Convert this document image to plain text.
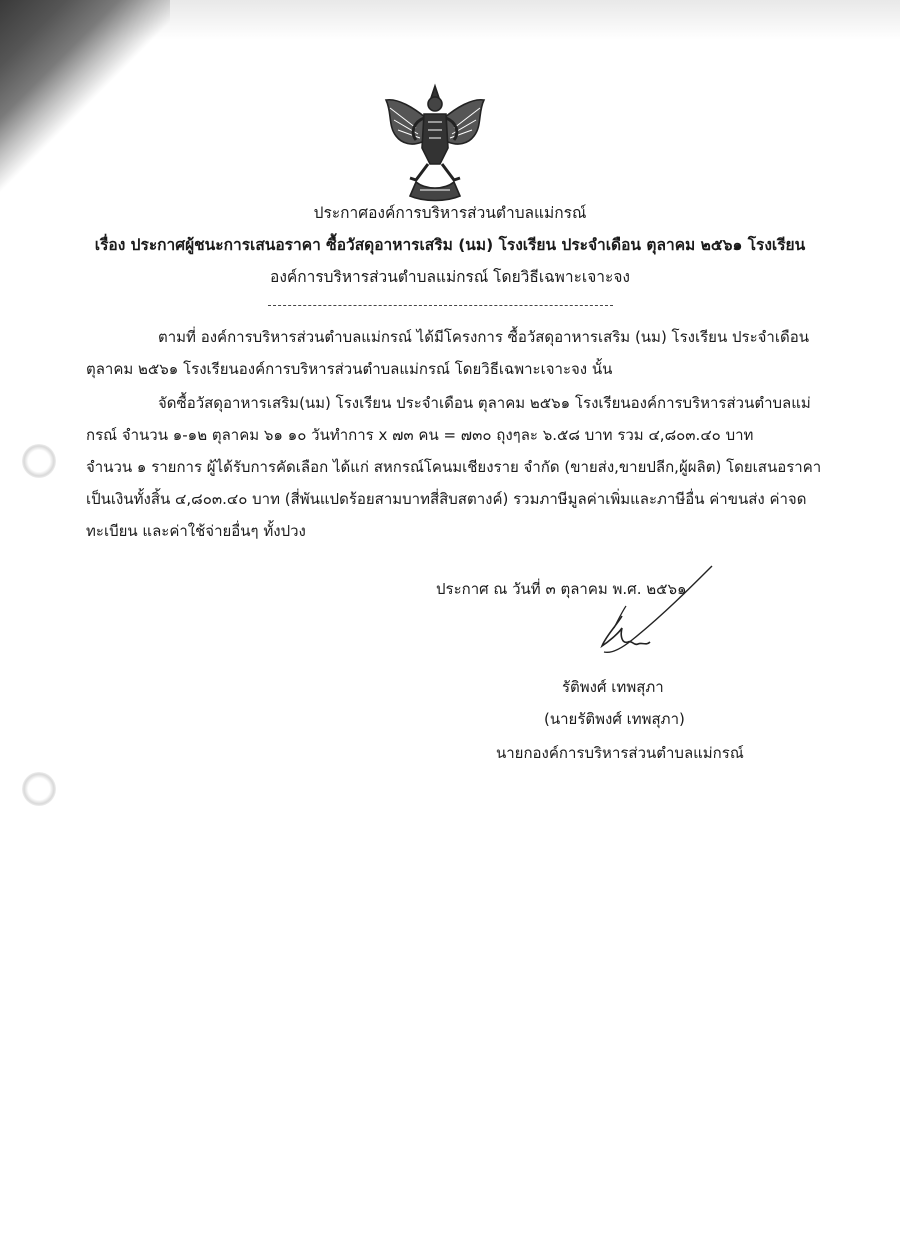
ประกาศองค์การบริหารส่วนตำบลแม่กรณ์
เรื่อง ประกาศผู้ชนะการเสนอราคา ซื้อวัสดุอาหารเสริม (นม) โรงเรียน ประจำเดือน ตุลาคม ๒๕๖๑ โรงเรียน
องค์การบริหารส่วนตำบลแม่กรณ์ โดยวิธีเฉพาะเจาะจง
ตามที่ องค์การบริหารส่วนตำบลแม่กรณ์ ได้มีโครงการ ซื้อวัสดุอาหารเสริม (นม) โรงเรียน ประจำเดือน
ตุลาคม ๒๕๖๑ โรงเรียนองค์การบริหารส่วนตำบลแม่กรณ์ โดยวิธีเฉพาะเจาะจง นั้น
จัดซื้อวัสดุอาหารเสริม(นม) โรงเรียน ประจำเดือน ตุลาคม ๒๕๖๑ โรงเรียนองค์การบริหารส่วนตำบลแม่
กรณ์ จำนวน ๑-๑๒ ตุลาคม ๖๑ ๑๐ วันทำการ x ๗๓ คน = ๗๓๐ ถุงๆละ ๖.๕๘ บาท รวม ๔,๘๐๓.๔๐ บาท
จำนวน ๑ รายการ ผู้ได้รับการคัดเลือก ได้แก่ สหกรณ์โคนมเชียงราย จำกัด (ขายส่ง,ขายปลีก,ผู้ผลิต) โดยเสนอราคา
เป็นเงินทั้งสิ้น ๔,๘๐๓.๔๐ บาท (สี่พันแปดร้อยสามบาทสี่สิบสตางค์) รวมภาษีมูลค่าเพิ่มและภาษีอื่น ค่าขนส่ง ค่าจด
ทะเบียน และค่าใช้จ่ายอื่นๆ ทั้งปวง
ประกาศ ณ วันที่ ๓ ตุลาคม พ.ศ. ๒๕๖๑
รัติพงศ์ เทพสุภา
(นายรัติพงศ์ เทพสุภา)
นายกองค์การบริหารส่วนตำบลแม่กรณ์
